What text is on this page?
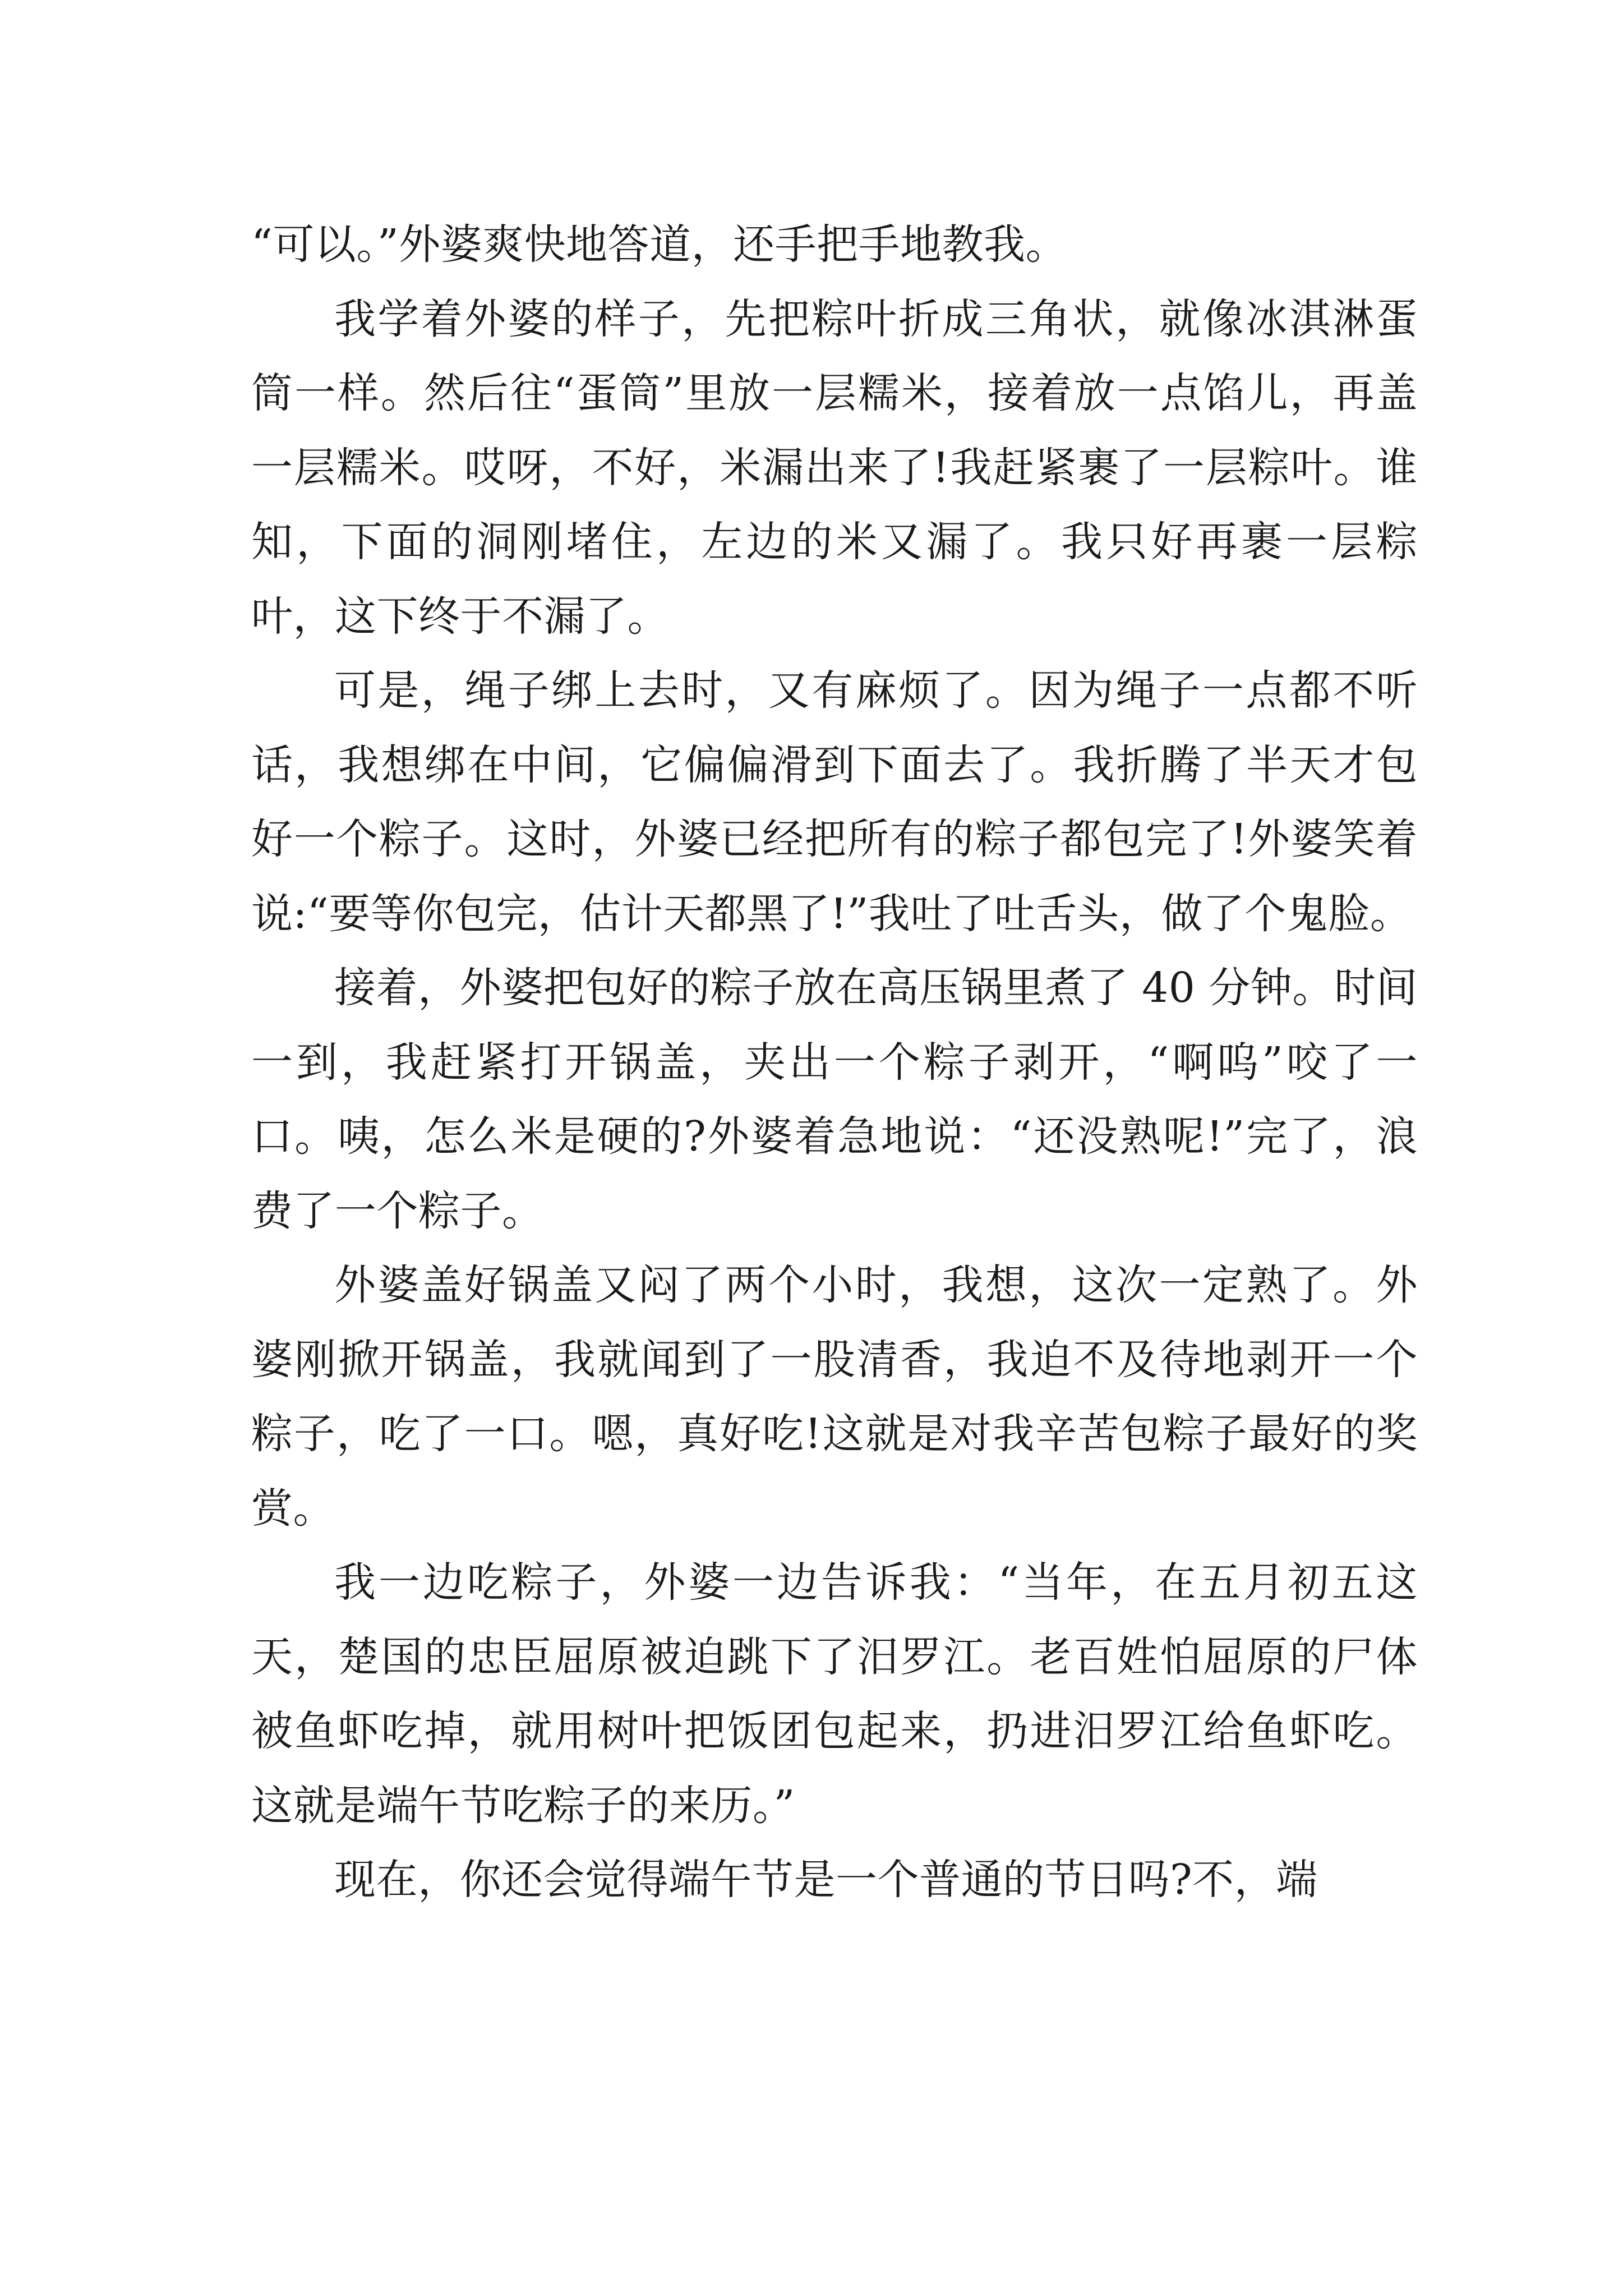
“可以。”外婆爽快地答道，还手把手地教我。

我学着外婆的样子，先把粽叶折成三角状，就像冰淇淋蛋筒一样。然后往“蛋筒”里放一层糯米，接着放一点馅儿，再盖一层糯米。哎呀，不好，米漏出来了!我赶紧裹了一层粽叶。谁知，下面的洞刚堵住，左边的米又漏了。我只好再裹一层粽叶，这下终于不漏了。

可是，绳子绑上去时，又有麻烦了。因为绳子一点都不听话，我想绑在中间，它偏偏滑到下面去了。我折腾了半天才包好一个粽子。这时，外婆已经把所有的粽子都包完了!外婆笑着说:“要等你包完，估计天都黑了!”我吐了吐舌头，做了个鬼脸。

接着，外婆把包好的粽子放在高压锅里煮了 40 分钟。时间一到，我赶紧打开锅盖，夹出一个粽子剥开，“啊呜”咬了一口。咦，怎么米是硬的?外婆着急地说：“还没熟呢!”完了，浪费了一个粽子。

外婆盖好锅盖又闷了两个小时，我想，这次一定熟了。外婆刚掀开锅盖，我就闻到了一股清香，我迫不及待地剥开一个粽子，吃了一口。嗯，真好吃!这就是对我辛苦包粽子最好的奖赏。

我一边吃粽子，外婆一边告诉我：“当年，在五月初五这天，楚国的忠臣屈原被迫跳下了汨罗江。老百姓怕屈原的尸体被鱼虾吃掉，就用树叶把饭团包起来，扔进汨罗江给鱼虾吃。这就是端午节吃粽子的来历。”

现在，你还会觉得端午节是一个普通的节日吗?不，端
